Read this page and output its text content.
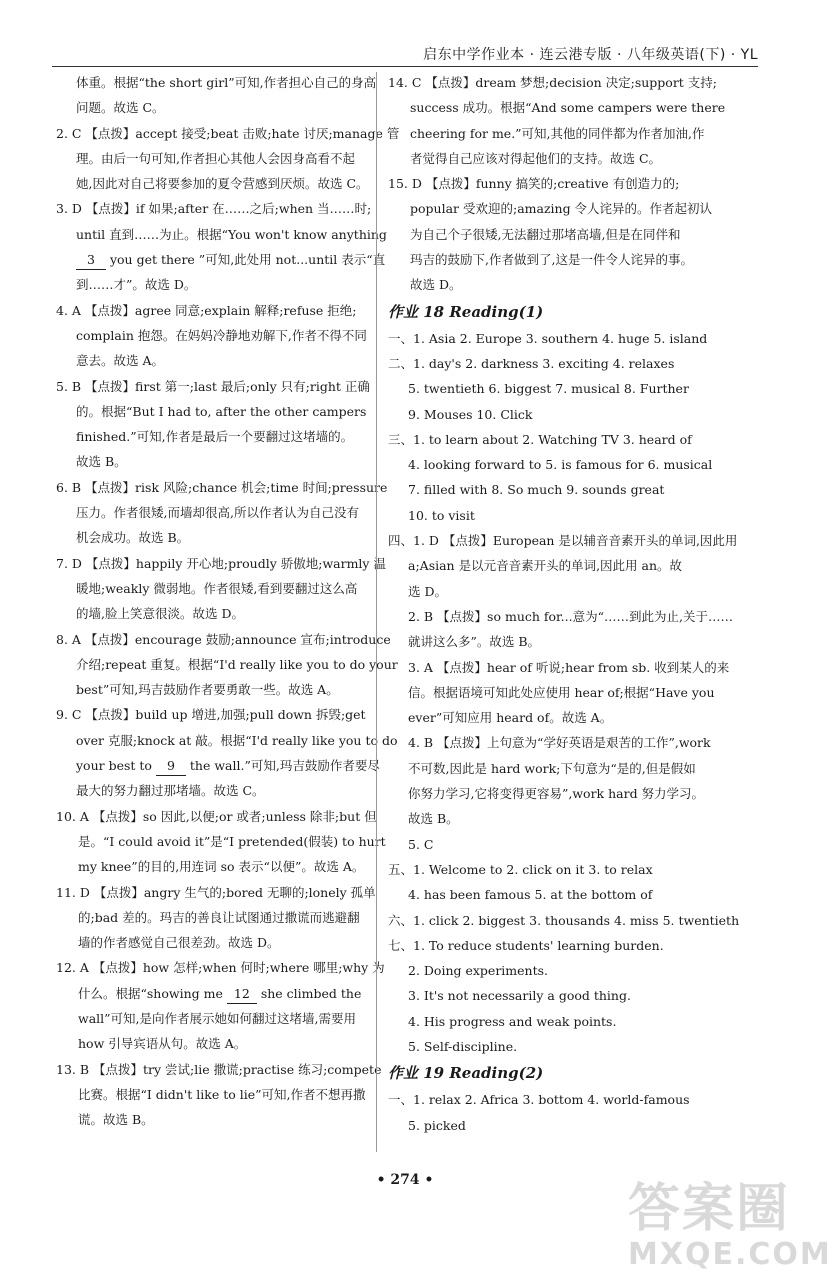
启东中学作业本 · 连云港专版 · 八年级英语(下) · YL
体重。根据“the short girl”可知,作者担心自己的身高
问题。故选 C。
2. C 【点拨】accept 接受;beat 击败;hate 讨厌;manage 管
理。由后一句可知,作者担心其他人会因身高看不起
她,因此对自己将要参加的夏令营感到厌烦。故选 C。
3. D 【点拨】if 如果;after 在……之后;when 当……时;
until 直到……为止。根据“You won't know anything
3 you get there ”可知,此处用 not...until 表示“直
到……才”。故选 D。
4. A 【点拨】agree 同意;explain 解释;refuse 拒绝;
complain 抱怨。在妈妈冷静地劝解下,作者不得不同
意去。故选 A。
5. B 【点拨】first 第一;last 最后;only 只有;right 正确
的。根据“But I had to, after the other campers
finished.”可知,作者是最后一个要翻过这堵墙的。
故选 B。
6. B 【点拨】risk 风险;chance 机会;time 时间;pressure
压力。作者很矮,而墙却很高,所以作者认为自己没有
机会成功。故选 B。
7. D 【点拨】happily 开心地;proudly 骄傲地;warmly 温
暖地;weakly 微弱地。作者很矮,看到要翻过这么高
的墙,脸上笑意很淡。故选 D。
8. A 【点拨】encourage 鼓励;announce 宣布;introduce
介绍;repeat 重复。根据“I'd really like you to do your
best”可知,玛吉鼓励作者要勇敢一些。故选 A。
9. C 【点拨】build up 增进,加强;pull down 拆毁;get
over 克服;knock at 敲。根据“I'd really like you to do
your best to 9 the wall.”可知,玛吉鼓励作者要尽
最大的努力翻过那堵墙。故选 C。
10. A 【点拨】so 因此,以便;or 或者;unless 除非;but 但
是。“I could avoid it”是“I pretended(假装) to hurt
my knee”的目的,用连词 so 表示“以便”。故选 A。
11. D 【点拨】angry 生气的;bored 无聊的;lonely 孤单
的;bad 差的。玛吉的善良让试图通过撒谎而逃避翻
墙的作者感觉自己很差劲。故选 D。
12. A 【点拨】how 怎样;when 何时;where 哪里;why 为
什么。根据“showing me 12 she climbed the
wall”可知,是向作者展示她如何翻过这堵墙,需要用
how 引导宾语从句。故选 A。
13. B 【点拨】try 尝试;lie 撒谎;practise 练习;compete
比赛。根据“I didn't like to lie”可知,作者不想再撒
谎。故选 B。
14. C 【点拨】dream 梦想;decision 决定;support 支持;
success 成功。根据“And some campers were there
cheering for me.”可知,其他的同伴都为作者加油,作
者觉得自己应该对得起他们的支持。故选 C。
15. D 【点拨】funny 搞笑的;creative 有创造力的;
popular 受欢迎的;amazing 令人诧异的。作者起初认
为自己个子很矮,无法翻过那堵高墙,但是在同伴和
玛吉的鼓励下,作者做到了,这是一件令人诧异的事。
故选 D。
作业 18 Reading(1)
一、1. Asia 2. Europe 3. southern 4. huge 5. island
二、1. day's 2. darkness 3. exciting 4. relaxes
5. twentieth 6. biggest 7. musical 8. Further
9. Mouses 10. Click
三、1. to learn about 2. Watching TV 3. heard of
4. looking forward to 5. is famous for 6. musical
7. filled with 8. So much 9. sounds great
10. to visit
四、1. D 【点拨】European 是以辅音音素开头的单词,因此用
a;Asian 是以元音音素开头的单词,因此用 an。故
选 D。
2. B 【点拨】so much for...意为“……到此为止,关于……
就讲这么多”。故选 B。
3. A 【点拨】hear of 听说;hear from sb. 收到某人的来
信。根据语境可知此处应使用 hear of;根据“Have you
ever”可知应用 heard of。故选 A。
4. B 【点拨】上句意为“学好英语是艰苦的工作”,work
不可数,因此是 hard work;下句意为“是的,但是假如
你努力学习,它将变得更容易”,work hard 努力学习。
故选 B。
5. C
五、1. Welcome to 2. click on it 3. to relax
4. has been famous 5. at the bottom of
六、1. click 2. biggest 3. thousands 4. miss 5. twentieth
七、1. To reduce students' learning burden.
2. Doing experiments.
3. It's not necessarily a good thing.
4. His progress and weak points.
5. Self-discipline.
作业 19 Reading(2)
一、1. relax 2. Africa 3. bottom 4. world-famous
5. picked
• 274 •	答案圈
MXQE.COM
